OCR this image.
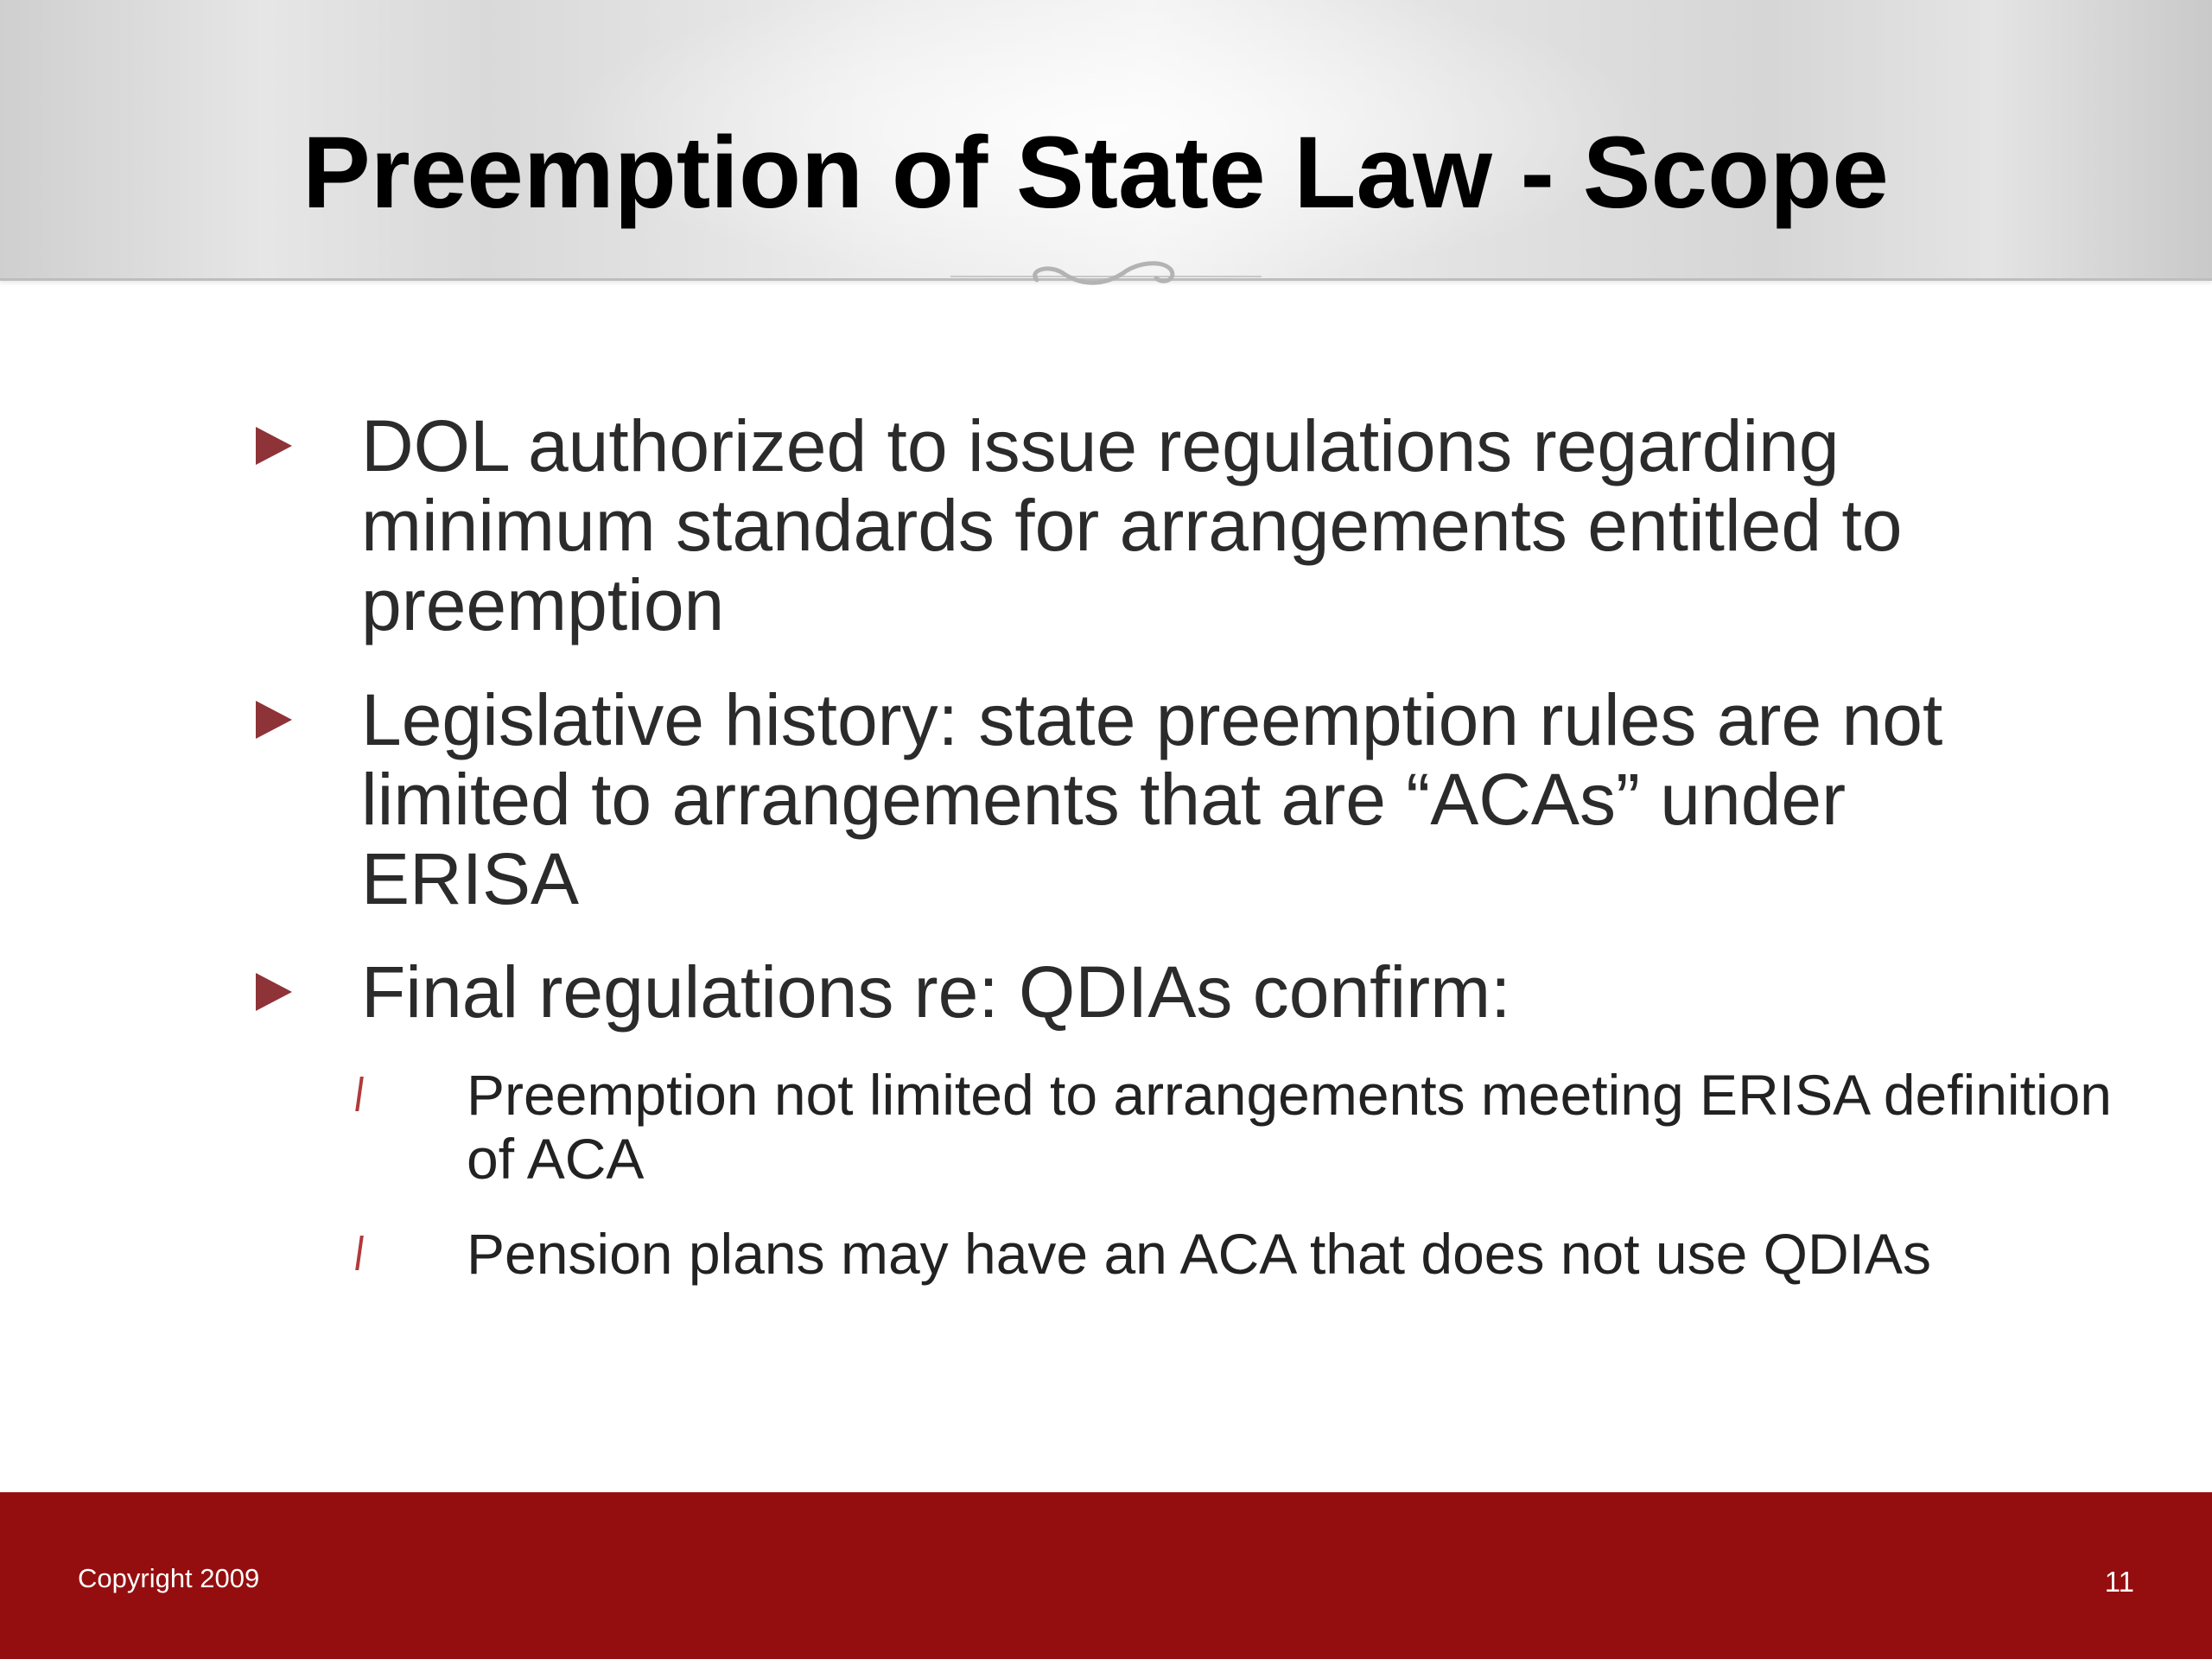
Preemption of State Law - Scope
DOL authorized to issue regulations regarding minimum standards for arrangements entitled to preemption
Legislative history: state preemption rules are not limited to arrangements that are “ACAs” under ERISA
Final regulations re: QDIAs confirm:
Preemption not limited to arrangements meeting ERISA definition of ACA
Pension plans may have an ACA that does not use QDIAs
Copyright 2009	11
